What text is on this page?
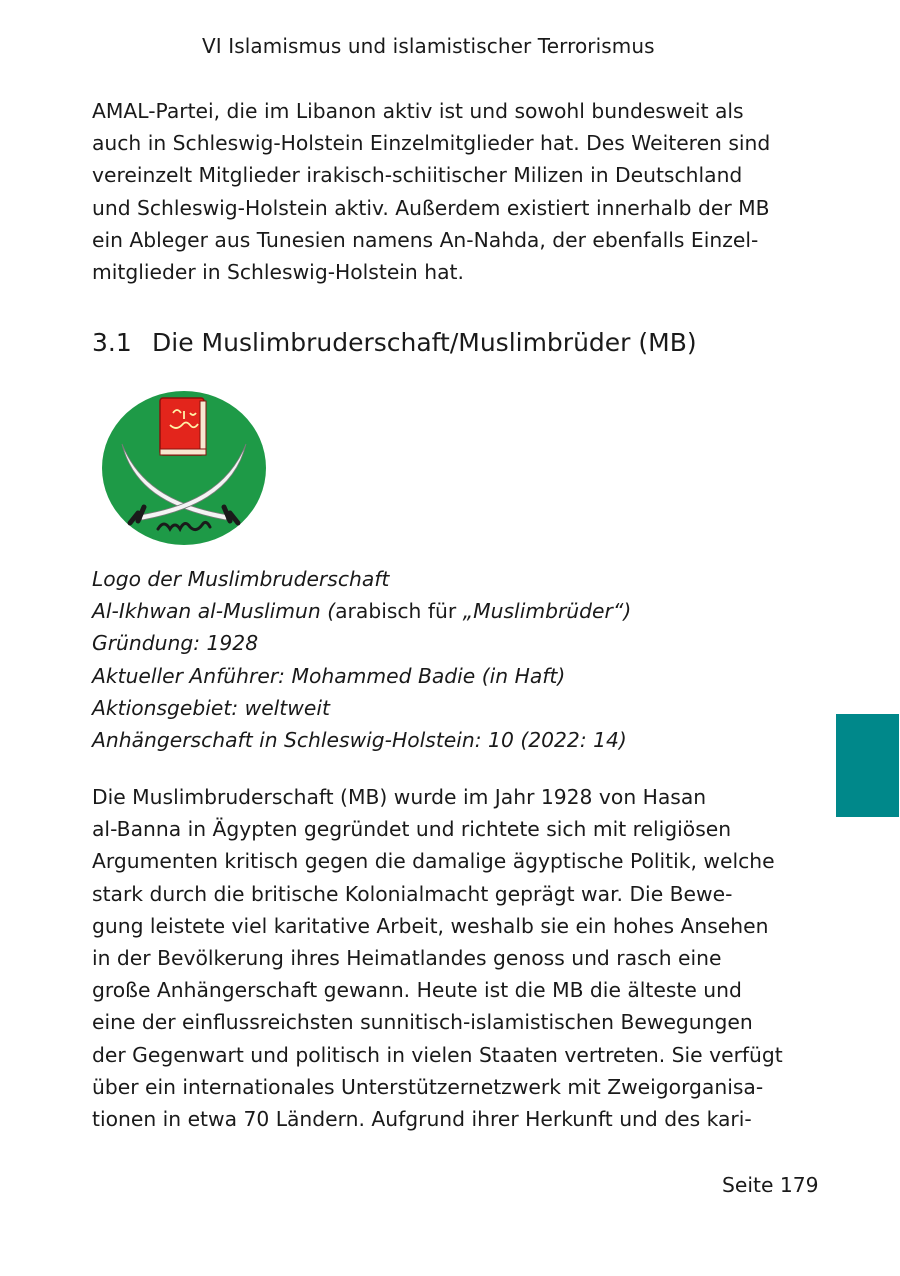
VI Islamismus und islamistischer Terrorismus
AMAL-Partei, die im Libanon aktiv ist und sowohl bundesweit als
auch in Schleswig-Holstein Einzelmitglieder hat. Des Weiteren sind
vereinzelt Mitglieder irakisch-schiitischer Milizen in Deutschland
und Schleswig-Holstein aktiv. Außerdem existiert innerhalb der MB
ein Ableger aus Tunesien namens An-Nahda, der ebenfalls Einzel-
mitglieder in Schleswig-Holstein hat.
3.1 Die Muslimbruderschaft/Muslimbrüder (MB)
Logo der Muslimbruderschaft
Al-Ikhwan al-Muslimun (arabisch für „Muslimbrüder“)
Gründung: 1928
Aktueller Anführer: Mohammed Badie (in Haft)
Aktionsgebiet: weltweit
Anhängerschaft in Schleswig-Holstein: 10 (2022: 14)
Die Muslimbruderschaft (MB) wurde im Jahr 1928 von Hasan
al-Banna in Ägypten gegründet und richtete sich mit religiösen
Argumenten kritisch gegen die damalige ägyptische Politik, welche
stark durch die britische Kolonialmacht geprägt war. Die Bewe-
gung leistete viel karitative Arbeit, weshalb sie ein hohes Ansehen
in der Bevölkerung ihres Heimatlandes genoss und rasch eine
große Anhängerschaft gewann. Heute ist die MB die älteste und
eine der einflussreichsten sunnitisch-islamistischen Bewegungen
der Gegenwart und politisch in vielen Staaten vertreten. Sie verfügt
über ein internationales Unterstützernetzwerk mit Zweigorganisa-
tionen in etwa 70 Ländern. Aufgrund ihrer Herkunft und des kari-
Seite 179
